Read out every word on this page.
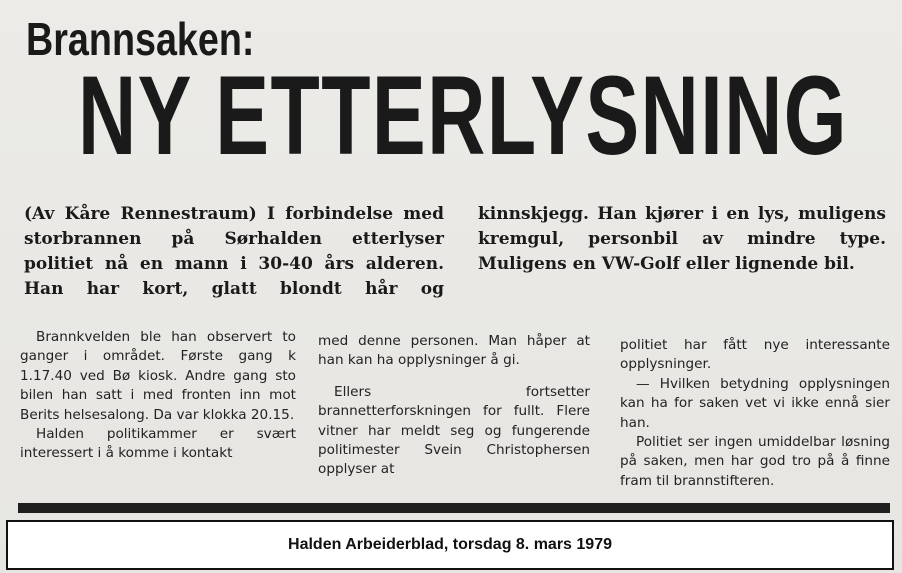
Brannsaken:
NY ETTERLYSNING

(Av Kåre Rennestraum) I forbindelse med storbrannen på Sørhalden etterlyser politiet nå en mann i 30-40 års alderen. Han har kort, glatt blondt hår og

kinnskjegg. Han kjører i en lys, muligens kremgul, personbil av mindre type. Muligens en VW-Golf eller lignende bil.

Brannkvelden ble han observert to ganger i området. Første gang k 1.17.40 ved Bø kiosk. Andre gang sto bilen han satt i med fronten inn mot Berits helsesalong. Da var klokka 20.15.

Halden politikammer er svært interessert i å komme i kontakt

med denne personen. Man håper at han kan ha opplysninger å gi.

Ellers fortsetter brannetterforskningen for fullt. Flere vitner har meldt seg og fungerende politimester Svein Christophersen opplyser at

politiet har fått nye interessante opplysninger.

— Hvilken betydning opplysningen kan ha for saken vet vi ikke ennå sier han.

Politiet ser ingen umiddelbar løsning på saken, men har god tro på å finne fram til brannstifteren.

Halden Arbeiderblad, torsdag 8. mars 1979
